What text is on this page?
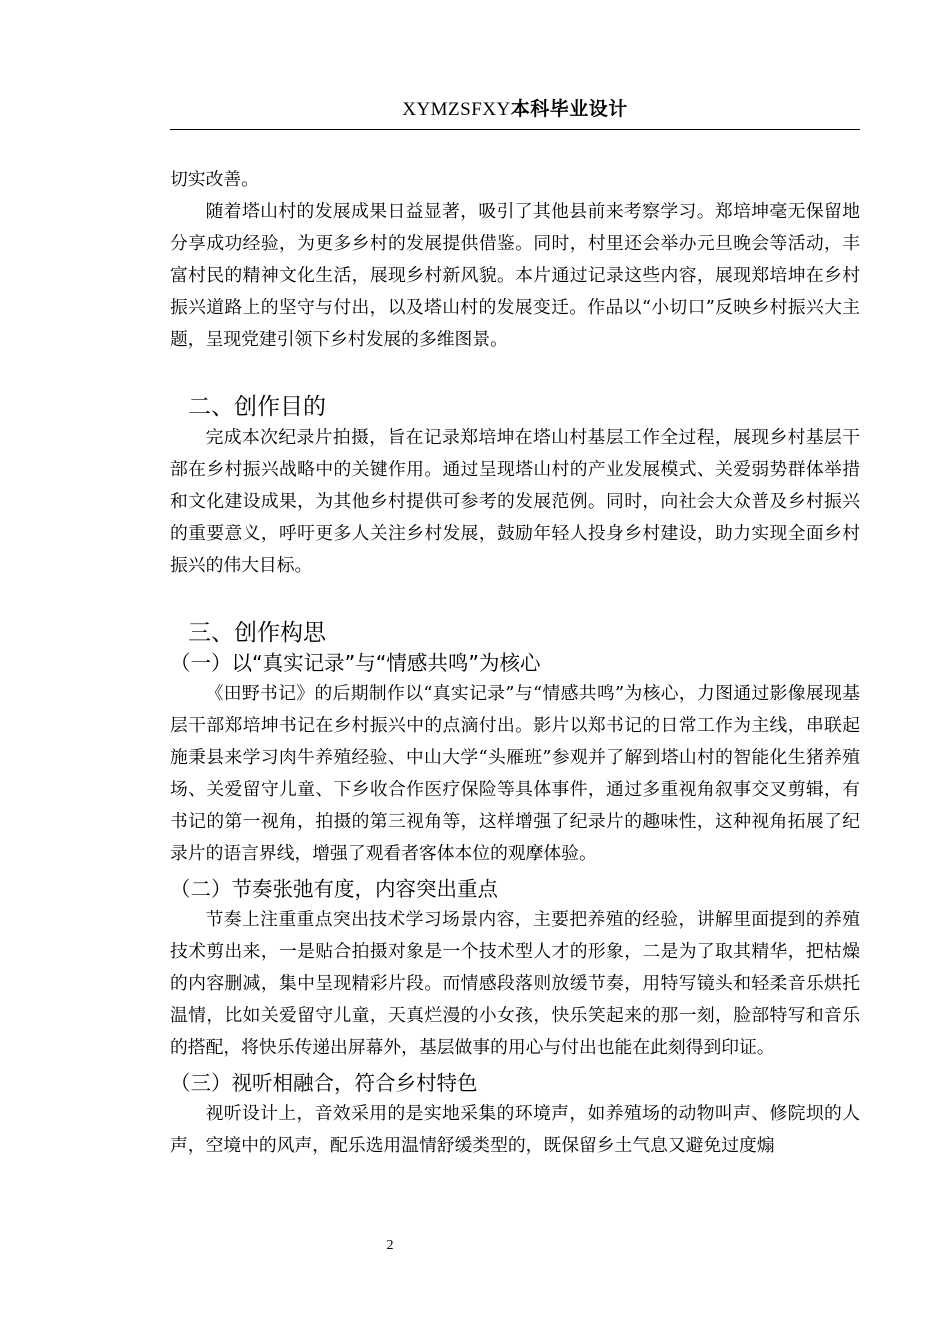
XYMZSFXY本科毕业设计

切实改善。

随着塔山村的发展成果日益显著，吸引了其他县前来考察学习。郑培坤毫无保留地分享成功经验，为更多乡村的发展提供借鉴。同时，村里还会举办元旦晚会等活动，丰富村民的精神文化生活，展现乡村新风貌。本片通过记录这些内容，展现郑培坤在乡村振兴道路上的坚守与付出，以及塔山村的发展变迁。作品以“小切口”反映乡村振兴大主题，呈现党建引领下乡村发展的多维图景。

二、创作目的

完成本次纪录片拍摄，旨在记录郑培坤在塔山村基层工作全过程，展现乡村基层干部在乡村振兴战略中的关键作用。通过呈现塔山村的产业发展模式、关爱弱势群体举措和文化建设成果，为其他乡村提供可参考的发展范例。同时，向社会大众普及乡村振兴的重要意义，呼吁更多人关注乡村发展，鼓励年轻人投身乡村建设，助力实现全面乡村振兴的伟大目标。

三、创作构思
（一）以“真实记录”与“情感共鸣”为核心

《田野书记》的后期制作以“真实记录”与“情感共鸣”为核心，力图通过影像展现基层干部郑培坤书记在乡村振兴中的点滴付出。影片以郑书记的日常工作为主线，串联起施秉县来学习肉牛养殖经验、中山大学“头雁班”参观并了解到塔山村的智能化生猪养殖场、关爱留守儿童、下乡收合作医疗保险等具体事件，通过多重视角叙事交叉剪辑，有书记的第一视角，拍摄的第三视角等，这样增强了纪录片的趣味性，这种视角拓展了纪录片的语言界线，增强了观看者客体本位的观摩体验。

（二）节奏张弛有度，内容突出重点

节奏上注重重点突出技术学习场景内容，主要把养殖的经验，讲解里面提到的养殖技术剪出来，一是贴合拍摄对象是一个技术型人才的形象，二是为了取其精华，把枯燥的内容删减，集中呈现精彩片段。而情感段落则放缓节奏，用特写镜头和轻柔音乐烘托温情，比如关爱留守儿童，天真烂漫的小女孩，快乐笑起来的那一刻，脸部特写和音乐的搭配，将快乐传递出屏幕外，基层做事的用心与付出也能在此刻得到印证。

（三）视听相融合，符合乡村特色

视听设计上，音效采用的是实地采集的环境声，如养殖场的动物叫声、修院坝的人声，空境中的风声，配乐选用温情舒缓类型的，既保留乡土气息又避免过度煽

2
